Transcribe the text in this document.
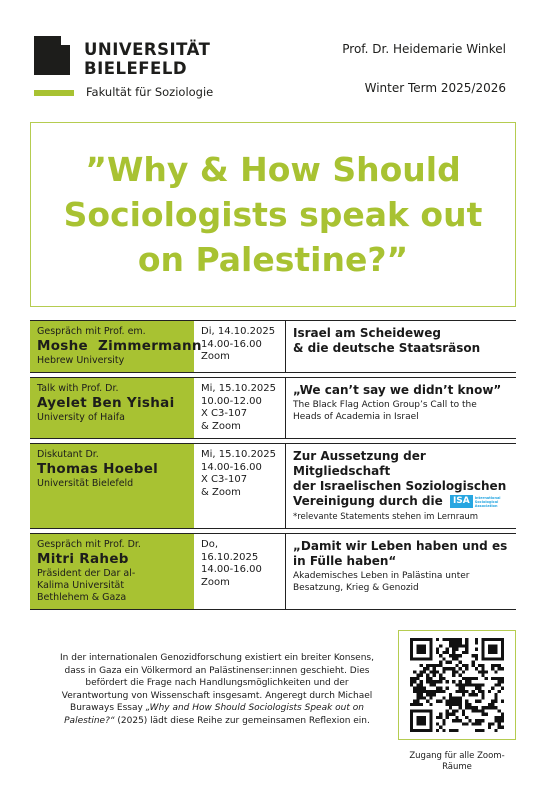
UNIVERSITÄT
BIELEFELD
Fakultät für Soziologie
Prof. Dr. Heidemarie Winkel
Winter Term 2025/2026
”Why & How Should Sociologists speak out on Palestine?”
Gespräch mit Prof. em.
Moshe  Zimmermann
Hebrew University
Di, 14.10.2025
14.00-16.00
Zoom
Israel am Scheideweg
& die deutsche Staatsräson
Talk with Prof. Dr.
Ayelet Ben Yishai
University of Haifa
Mi, 15.10.2025
10.00-12.00
X C3-107
& Zoom
„We can’t say we didn’t know”
The Black Flag Action Group’s Call to the
Heads of Academia in Israel
Diskutant Dr.
Thomas Hoebel
Universität Bielefeld
Mi, 15.10.2025
14.00-16.00
X C3-107
& Zoom
Zur Aussetzung der Mitgliedschaft
der Israelischen Soziologischen
Vereinigung durch die	ISA	International Sociological Association
*relevante Statements stehen im Lernraum
Gespräch mit Prof. Dr.
Mitri Raheb
Präsident der Dar al-
Kalima Universität
Bethlehem & Gaza
Do,
16.10.2025
14.00-16.00
Zoom
„Damit wir Leben haben und es
in Fülle haben“
Akademisches Leben in Palästina unter
Besatzung, Krieg & Genozid
In der internationalen Genozidforschung existiert ein breiter Konsens, dass in Gaza ein Völkermord an Palästinenser:innen geschieht. Dies befördert die Frage nach Handlungsmöglichkeiten und der Verantwortung von Wissenschaft insgesamt. Angeregt durch Michael Buraways Essay „Why and How Should Sociologists Speak out on Palestine?“ (2025) lädt diese Reihe zur gemeinsamen Reflexion ein.
Zugang für alle Zoom-
Räume
